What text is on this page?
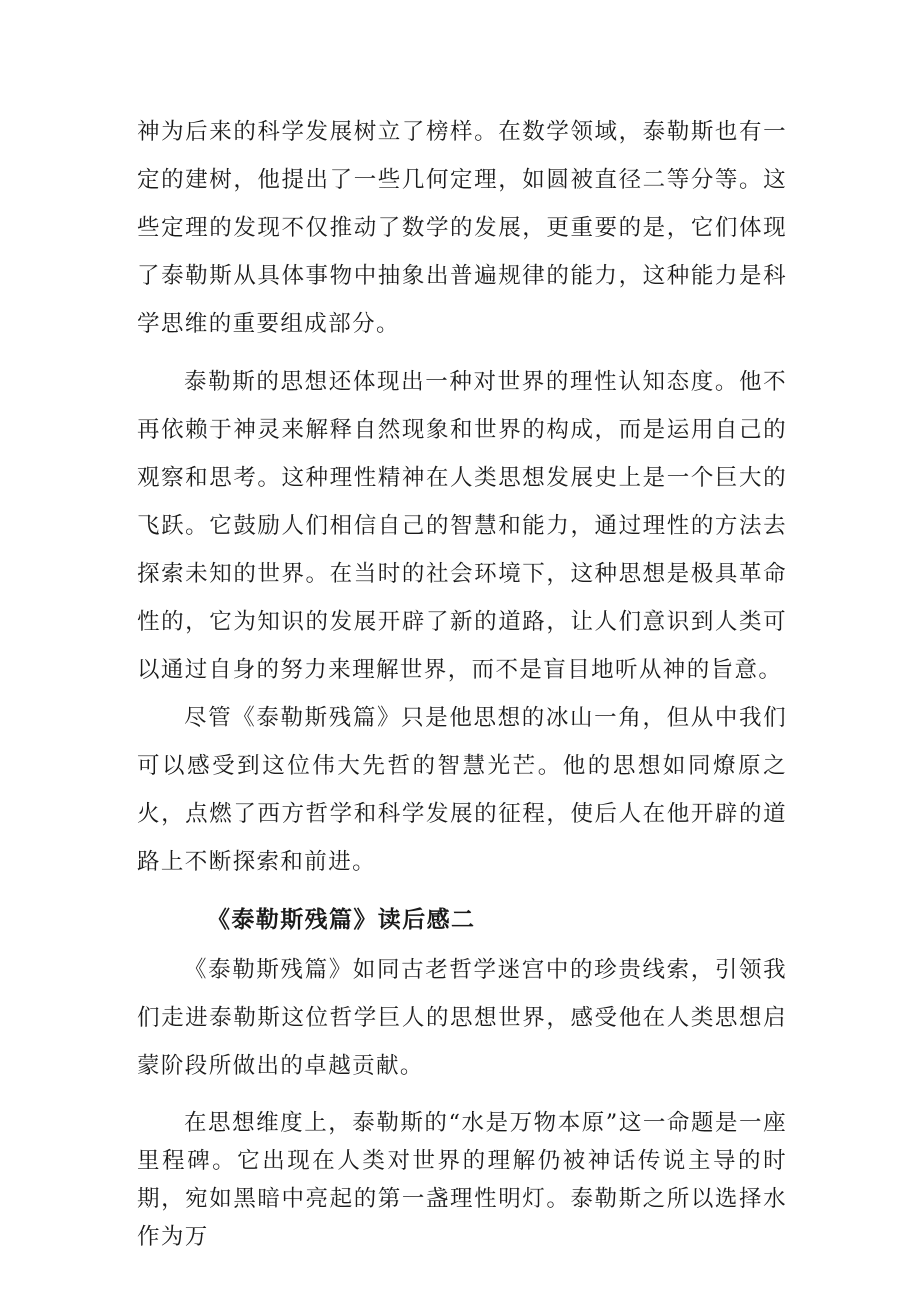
神为后来的科学发展树立了榜样。在数学领域，泰勒斯也有一定的建树，他提出了一些几何定理，如圆被直径二等分等。这些定理的发现不仅推动了数学的发展，更重要的是，它们体现了泰勒斯从具体事物中抽象出普遍规律的能力，这种能力是科学思维的重要组成部分。

泰勒斯的思想还体现出一种对世界的理性认知态度。他不再依赖于神灵来解释自然现象和世界的构成，而是运用自己的观察和思考。这种理性精神在人类思想发展史上是一个巨大的飞跃。它鼓励人们相信自己的智慧和能力，通过理性的方法去探索未知的世界。在当时的社会环境下，这种思想是极具革命性的，它为知识的发展开辟了新的道路，让人们意识到人类可以通过自身的努力来理解世界，而不是盲目地听从神的旨意。

尽管《泰勒斯残篇》只是他思想的冰山一角，但从中我们可以感受到这位伟大先哲的智慧光芒。他的思想如同燎原之火，点燃了西方哲学和科学发展的征程，使后人在他开辟的道路上不断探索和前进。

《泰勒斯残篇》读后感二

《泰勒斯残篇》如同古老哲学迷宫中的珍贵线索，引领我们走进泰勒斯这位哲学巨人的思想世界，感受他在人类思想启蒙阶段所做出的卓越贡献。

在思想维度上，泰勒斯的“水是万物本原”这一命题是一座里程碑。它出现在人类对世界的理解仍被神话传说主导的时期，宛如黑暗中亮起的第一盏理性明灯。泰勒斯之所以选择水作为万
